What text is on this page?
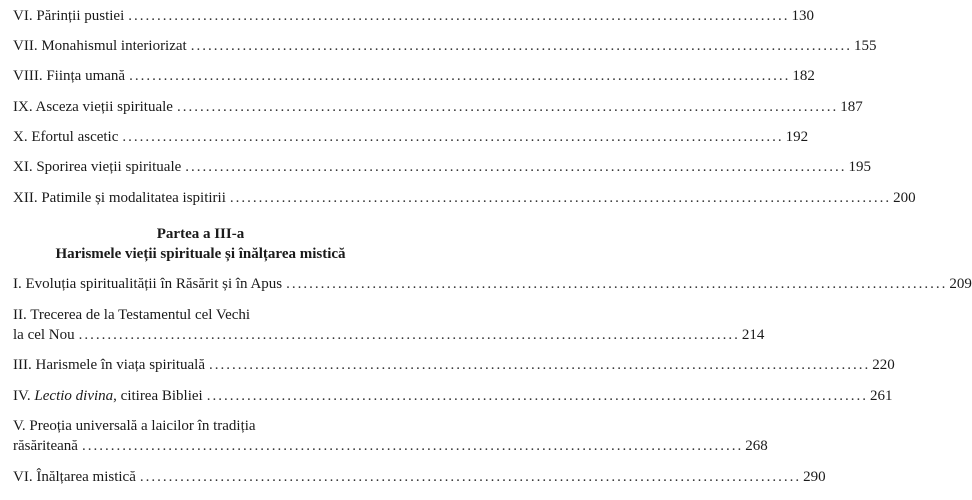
VI. Părinții pustiei ................................................................................................................... 130
VII. Monahismul interiorizat ................................................................................................................... 155
VIII. Ființa umană ................................................................................................................... 182
IX. Asceza vieții spirituale ................................................................................................................... 187
X. Efortul ascetic ................................................................................................................... 192
XI. Sporirea vieții spirituale ................................................................................................................... 195
XII. Patimile și modalitatea ispitirii ................................................................................................................... 200
Partea a III-a
Harismele vieții spirituale și înălțarea mistică
I. Evoluția spiritualității în Răsărit și în Apus ................................................................................................................... 209
II. Trecerea de la Testamentul cel Vechi
la cel Nou ................................................................................................................... 214
III. Harismele în viața spirituală ................................................................................................................... 220
IV. Lectio divina, citirea Bibliei ................................................................................................................... 261
V. Preoția universală a laicilor în tradiția
răsăriteană ................................................................................................................... 268
VI. Înălțarea mistică ................................................................................................................... 290
